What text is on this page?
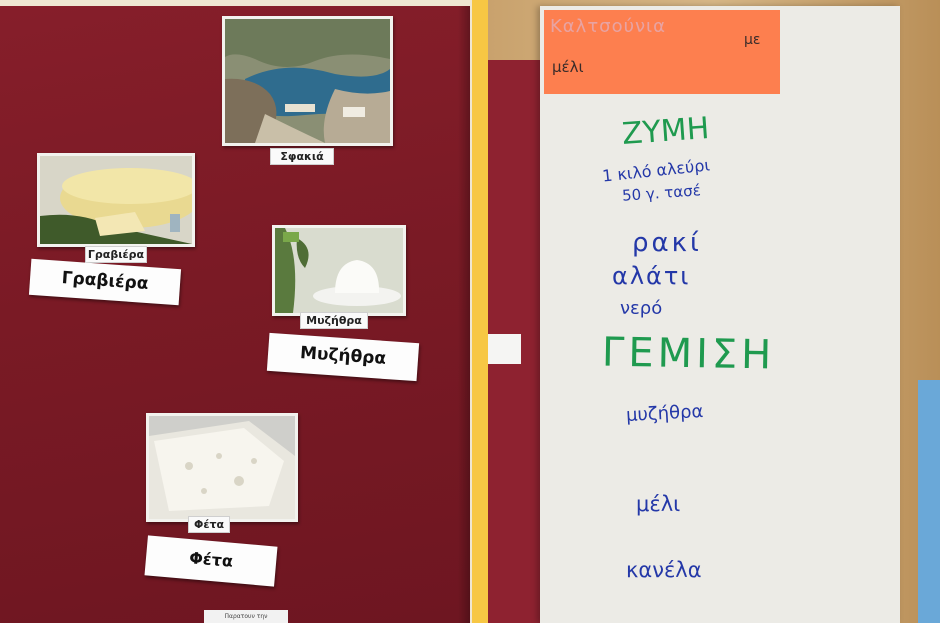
Σφακιά
Γραβιέρα
Γραβιέρα
Μυζήθρα
Μυζήθρα
Φέτα
Φέτα
Παρατουν την
Καλτσούνια
με
μέλι
ΖΥΜΗ
1 κιλό αλεύρι
50 γ. τασέ
ρακί
αλάτι
νερό
ΓΕΜΙΣΗ
μυζήθρα
μέλι
κανέλα
